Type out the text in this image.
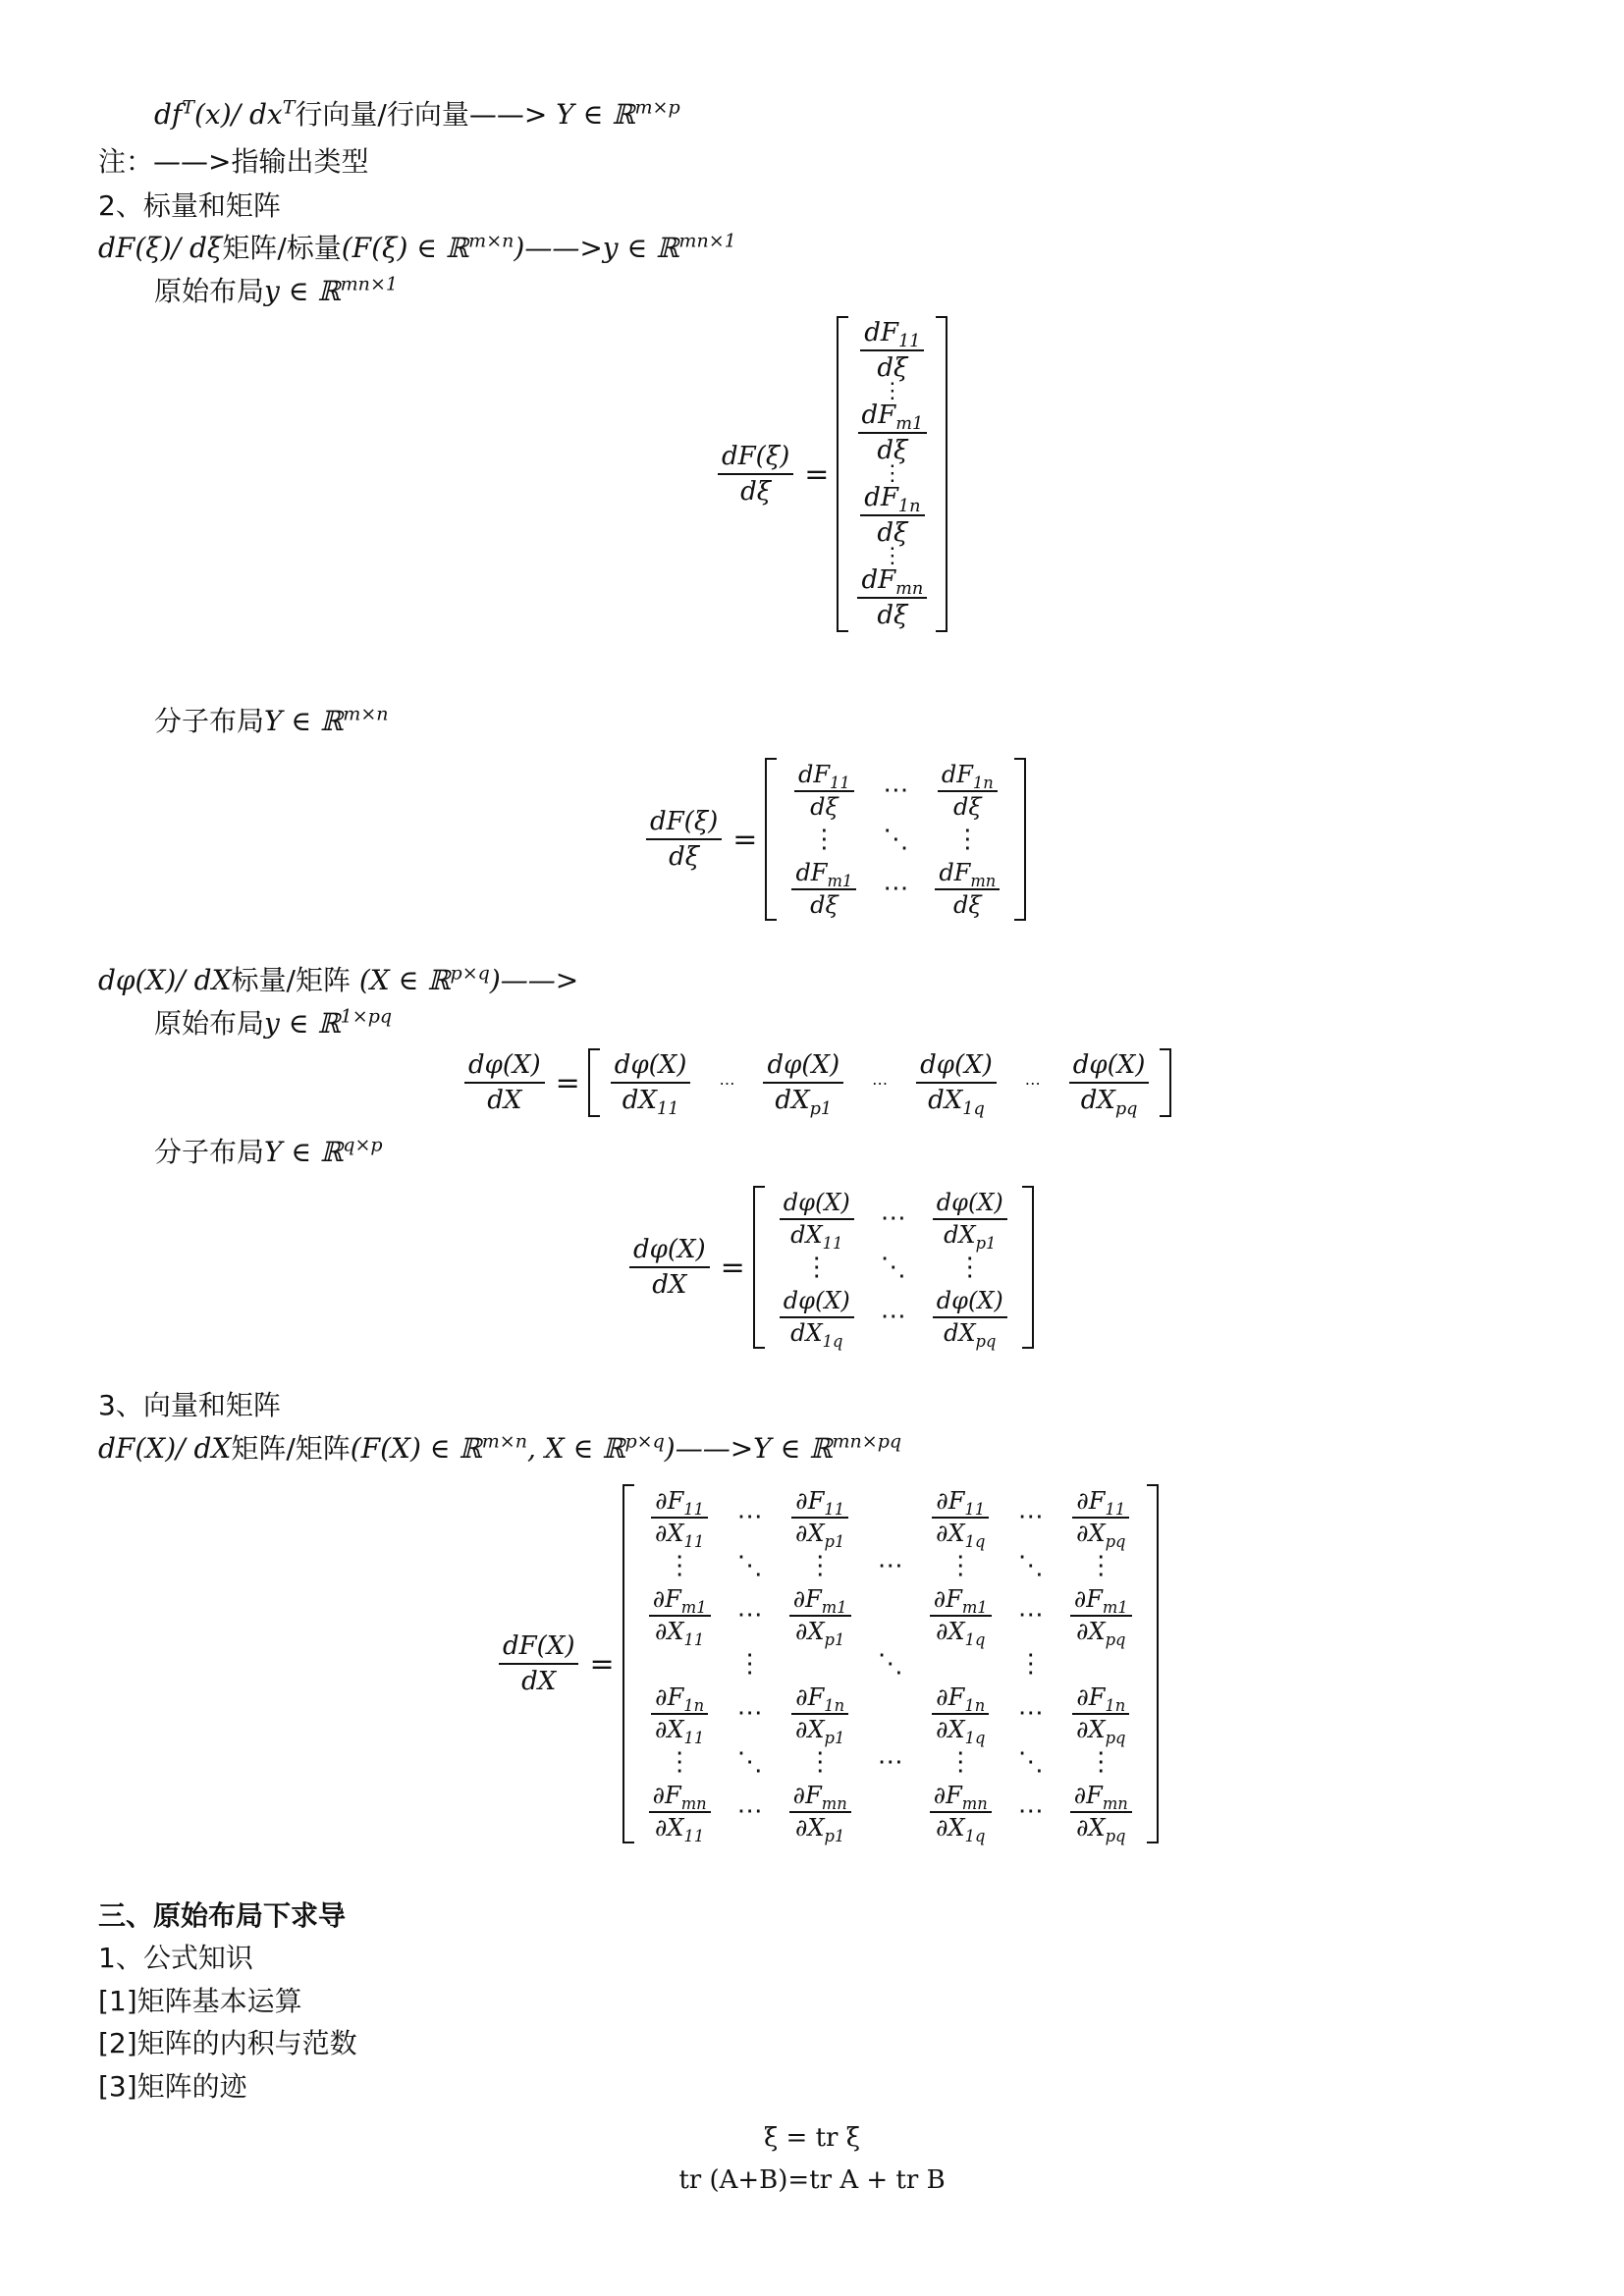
$df^T(x)/$ $dx^T$行向量/行向量——> Y ∈ ℝ$^{m\times p}$
注：——>指输出类型
2、标量和矩阵
dF(ξ)/ dξ矩阵/标量(F(ξ) ∈ ℝ$^{m\times n}$)——>y ∈ ℝ$^{mn\times 1}$
原始布局y ∈ ℝ$^{mn\times 1}$
$\frac{dF(\xi)}{d\xi}$ =
$\frac{dF_{11}}{d\xi}$
⋮
$\frac{dF_{m1}}{d\xi}$
⋮
$\frac{dF_{1n}}{d\xi}$
⋮
$\frac{dF_{mn}}{d\xi}$
分子布局Y ∈ ℝ$^{m\times n}$
$\frac{dF(\xi)}{d\xi}$ =
$\frac{dF_{11}}{d\xi}$	⋯	$\frac{dF_{1n}}{d\xi}$

⋮	⋱	⋮

$\frac{dF_{m1}}{d\xi}$	⋯	$\frac{dF_{mn}}{d\xi}$
dφ(X)/ dX标量/矩阵 (X ∈ ℝ$^{p\times q}$)——>
原始布局y ∈ ℝ$^{1\times pq}$
$\frac{d\varphi(X)}{dX} = \frac{d\varphi(X)}{dX_{11}}$ ⋯ $\frac{d\varphi(X)}{dX_{p1}}$ ⋯ $\frac{d\varphi(X)}{dX_{1q}}$ ⋯ $\frac{d\varphi(X)}{dX_{pq}}$
分子布局Y ∈ ℝ$^{q\times p}$
$\frac{d\varphi(X)}{dX}$ =
$\frac{d\varphi(X)}{dX_{11}}$	⋯	$\frac{d\varphi(X)}{dX_{p1}}$

⋮	⋱	⋮

$\frac{d\varphi(X)}{dX_{1q}}$	⋯	$\frac{d\varphi(X)}{dX_{pq}}$
3、向量和矩阵
dF(X)/ dX矩阵/矩阵(F(X) ∈ ℝ$^{m\times n}$, X ∈ ℝ$^{p\times q}$)——>Y ∈ ℝ$^{mn\times pq}$
$\frac{dF(X)}{dX}$ =
$\frac{\partial F_{11}}{\partial X_{11}}$	⋯	$\frac{\partial F_{11}}{\partial X_{p1}}$		$\frac{\partial F_{11}}{\partial X_{1q}}$	⋯	$\frac{\partial F_{11}}{\partial X_{pq}}$

⋮	⋱	⋮	⋯	⋮	⋱	⋮

$\frac{\partial F_{m1}}{\partial X_{11}}$	⋯	$\frac{\partial F_{m1}}{\partial X_{p1}}$		$\frac{\partial F_{m1}}{\partial X_{1q}}$	⋯	$\frac{\partial F_{m1}}{\partial X_{pq}}$

	⋮		⋱		⋮	

$\frac{\partial F_{1n}}{\partial X_{11}}$	⋯	$\frac{\partial F_{1n}}{\partial X_{p1}}$		$\frac{\partial F_{1n}}{\partial X_{1q}}$	⋯	$\frac{\partial F_{1n}}{\partial X_{pq}}$

⋮	⋱	⋮	⋯	⋮	⋱	⋮

$\frac{\partial F_{mn}}{\partial X_{11}}$	⋯	$\frac{\partial F_{mn}}{\partial X_{p1}}$		$\frac{\partial F_{mn}}{\partial X_{1q}}$	⋯	$\frac{\partial F_{mn}}{\partial X_{pq}}$
三、原始布局下求导
1、公式知识
[1]矩阵基本运算
[2]矩阵的内积与范数
[3]矩阵的迹
ξ = tr ξ
tr (A+B)=tr A + tr B
